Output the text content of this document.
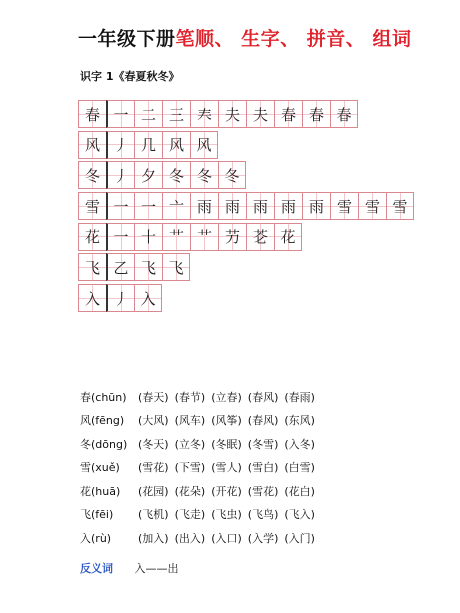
一年级下册笔顺、 生字、 拼音、 组词
识字 1《春夏秋冬》
春 一 二 三 𡗗 夫 夫 春 春 春
风 丿 几 风 风
冬 丿 夕 冬 冬 冬
雪 一 一 亠 雨 雨 雨 雨 雨 雪 雪 雪
花 一 十 艹 艹 芀 芲 花
飞 乙 飞 飞
入 丿 入
春(chūn)	(春天) (春节) (立春) (春风) (春雨)
风(fēng)	(大风) (风车) (风筝) (春风) (东风)
冬(dōng) (冬天) (立冬) (冬眠) (冬雪) (入冬)
雪(xuě)	(雪花) (下雪) (雪人) (雪白) (白雪)
花(huā)	(花园) (花朵) (开花) (雪花) (花白)
飞(fēi)	(飞机) (飞走) (飞虫) (飞鸟) (飞入)
入(rù)	(加入) (出入) (入口) (入学) (入门)
反义词 入——出
